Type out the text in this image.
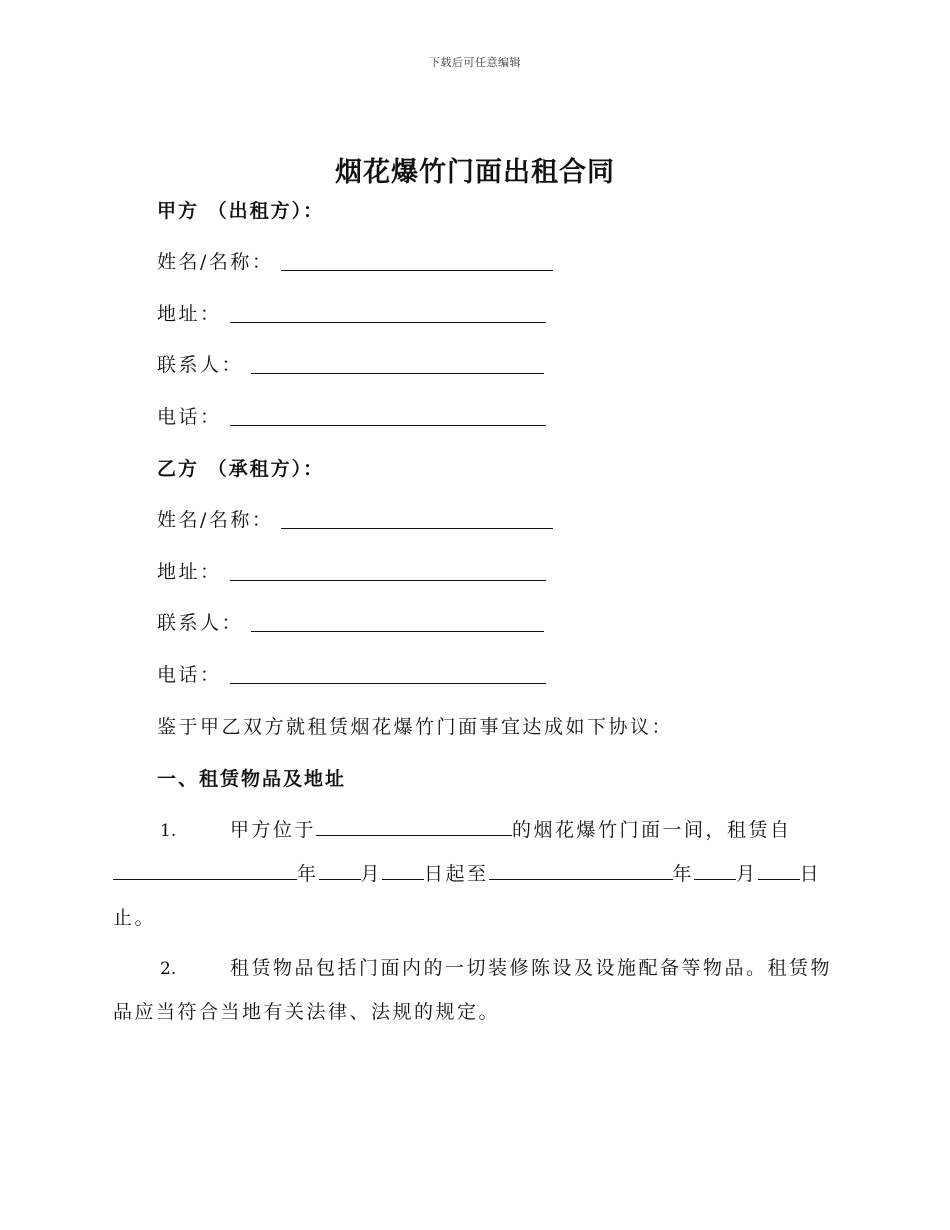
下载后可任意编辑
烟花爆竹门面出租合同
甲方 （出租方）：
姓名/名称：
地址：
联系人：
电话：
乙方 （承租方）：
姓名/名称：
地址：
联系人：
电话：
鉴于甲乙双方就租赁烟花爆竹门面事宜达成如下协议：
一、租赁物品及地址
1.	甲方位于	的烟花爆竹门面一间，租赁自
年 月 日起至	年 月 日
止。
2.	租赁物品包括门面内的一切装修陈设及设施配备等物品。租赁物
品应当符合当地有关法律、法规的规定。
